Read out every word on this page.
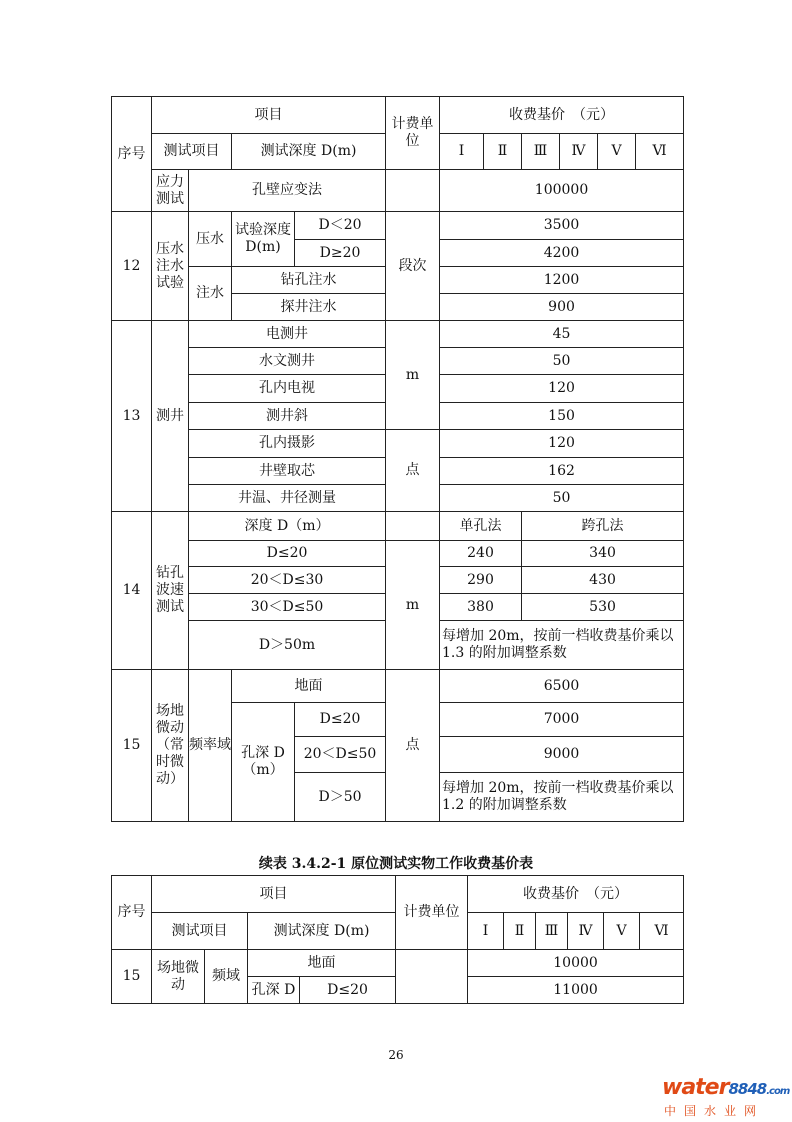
序号	项目				计费单位	收费基价　（元）					
	测试项目		测试深度 D(m)			Ⅰ	Ⅱ	Ⅲ	Ⅳ	Ⅴ	Ⅵ
	应力测试	孔壁应变法				100000					
12	压水注水试验	压水	试验深度 D(m)	D＜20	段次	3500					
				D≥20		4200					
		注水	钻孔注水			1200					
			探井注水			900					
13	测井	电测井			m	45					
		水文测井				50					
		孔内电视				120					
		测井斜				150					
		孔内摄影			点	120					
		井壁取芯				162					
		井温、井径测量				50					
14	钻孔波速测试	深度 D（m）				单孔法		跨孔法			
		D≤20			m	240		340			
		20＜D≤30				290		430			
		30＜D≤50				380		530			
		D＞50m				每增加 20m，按前一档收费基价乘以 1.3 的附加调整系数					
15	场地微动（常时微动）	频率域	地面		点	6500					
			孔深 D（m）	D≤20		7000					
				20＜D≤50		9000					
				D＞50		每增加 20m，按前一档收费基价乘以 1.2 的附加调整系数					
续表 3.4.2-1 原位测试实物工作收费基价表
序号	项目				计费单位	收费基价　（元）					
	测试项目		测试深度 D(m)			Ⅰ	Ⅱ	Ⅲ	Ⅳ	Ⅴ	Ⅵ
15	场地微动	频域	地面			10000					
			孔深 D	D≤20		11000					
26
water8848.com
中国水业网
